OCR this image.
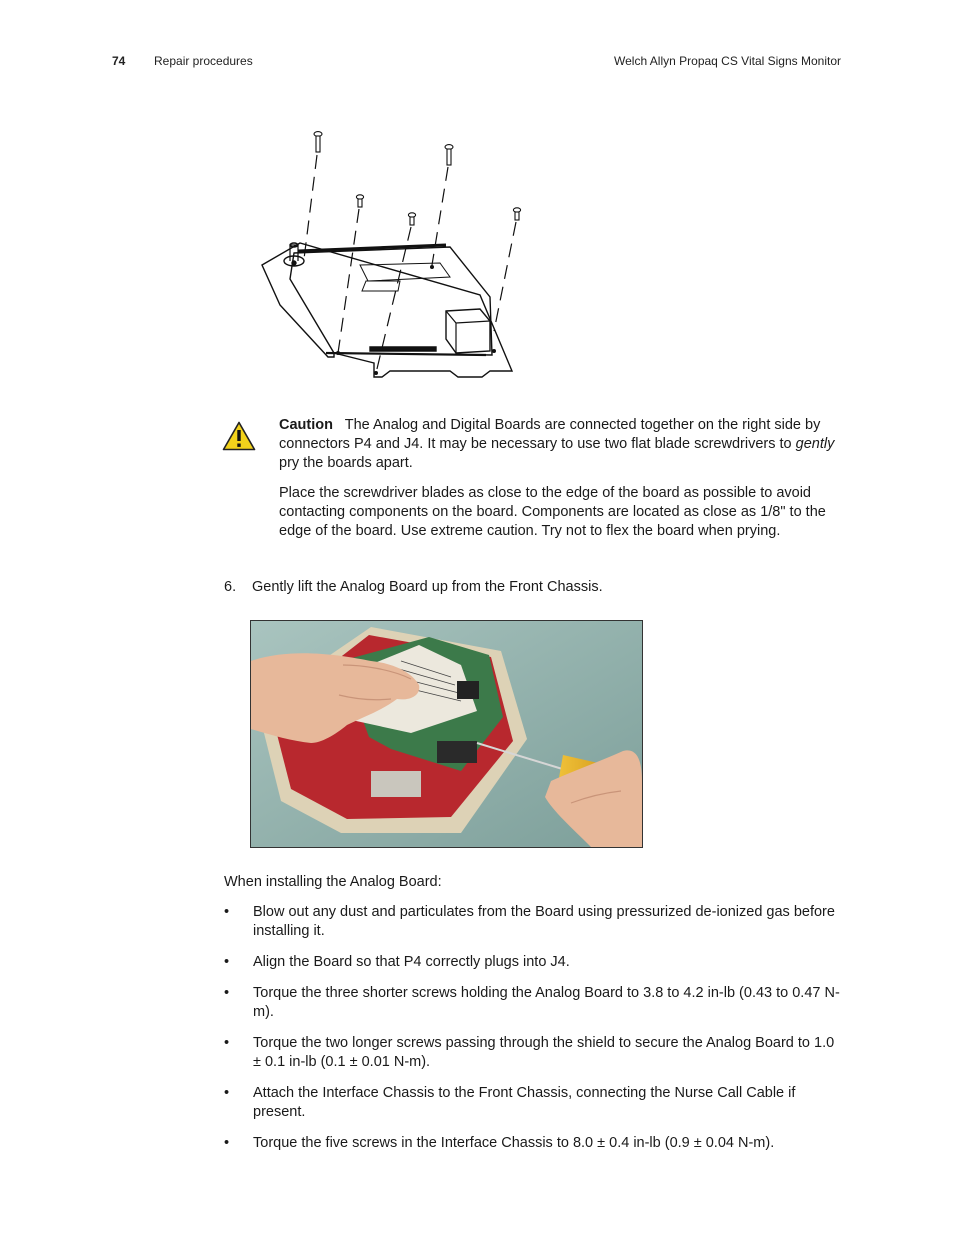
74 Repair procedures	Welch Allyn Propaq CS Vital Signs Monitor
Caution The Analog and Digital Boards are connected together on the right side by connectors P4 and J4. It may be necessary to use two flat blade screwdrivers to gently pry the boards apart.
Place the screwdriver blades as close to the edge of the board as possible to avoid contacting components on the board. Components are located as close as 1/8" to the edge of the board. Use extreme caution. Try not to flex the board when prying.
6. Gently lift the Analog Board up from the Front Chassis.
When installing the Analog Board:
• Blow out any dust and particulates from the Board using pressurized de-ionized gas before installing it.
• Align the Board so that P4 correctly plugs into J4.
• Torque the three shorter screws holding the Analog Board to 3.8 to 4.2 in-lb (0.43 to 0.47 N-m).
• Torque the two longer screws passing through the shield to secure the Analog Board to 1.0 ± 0.1 in-lb (0.1 ± 0.01 N-m).
• Attach the Interface Chassis to the Front Chassis, connecting the Nurse Call Cable if present.
• Torque the five screws in the Interface Chassis to 8.0 ± 0.4 in-lb (0.9 ± 0.04 N-m).
